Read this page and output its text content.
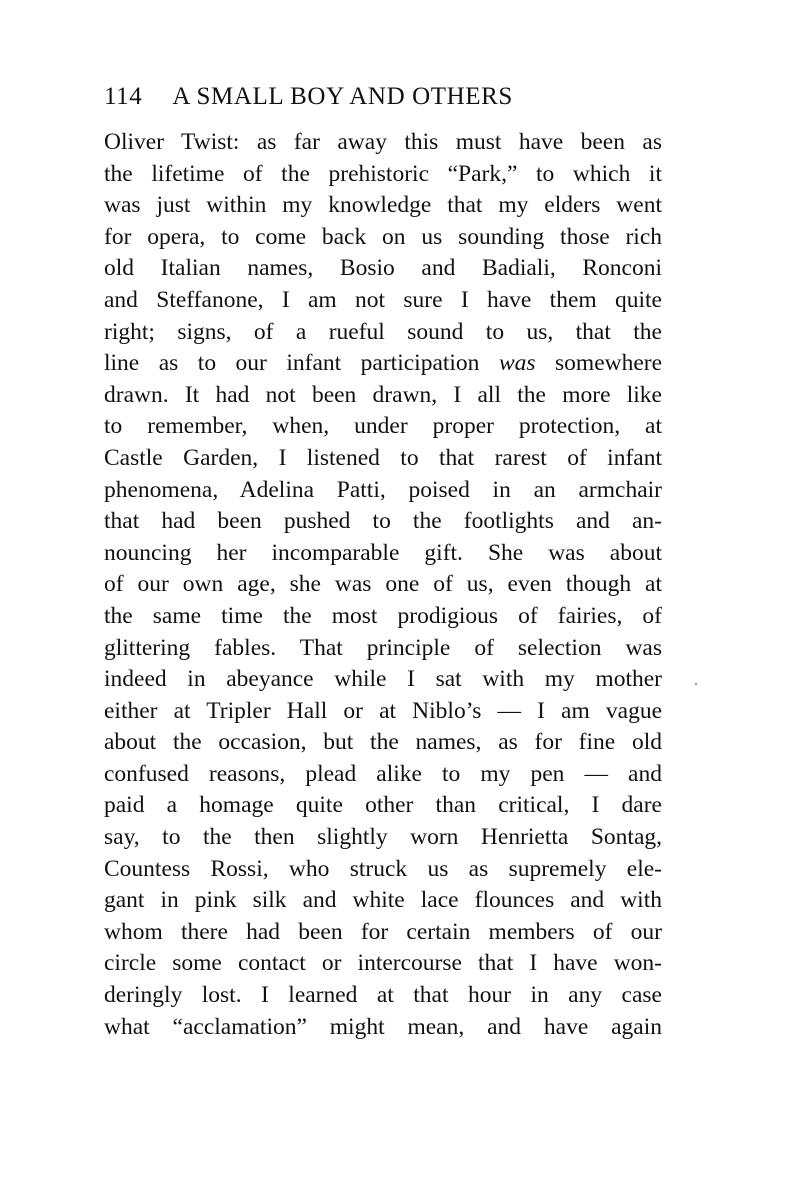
114 A SMALL BOY AND OTHERS
Oliver Twist: as far away this must have been as
the lifetime of the prehistoric “Park,” to which it
was just within my knowledge that my elders went
for opera, to come back on us sounding those rich
old Italian names, Bosio and Badiali, Ronconi
and Steffanone, I am not sure I have them quite
right; signs, of a rueful sound to us, that the
line as to our infant participation was somewhere
drawn. It had not been drawn, I all the more like
to remember, when, under proper protection, at
Castle Garden, I listened to that rarest of infant
phenomena, Adelina Patti, poised in an armchair
that had been pushed to the footlights and an-
nouncing her incomparable gift. She was about
of our own age, she was one of us, even though at
the same time the most prodigious of fairies, of
glittering fables. That principle of selection was
indeed in abeyance while I sat with my mother
either at Tripler Hall or at Niblo’s — I am vague
about the occasion, but the names, as for fine old
confused reasons, plead alike to my pen — and
paid a homage quite other than critical, I dare
say, to the then slightly worn Henrietta Sontag,
Countess Rossi, who struck us as supremely ele-
gant in pink silk and white lace flounces and with
whom there had been for certain members of our
circle some contact or intercourse that I have won-
deringly lost. I learned at that hour in any case
what “acclamation” might mean, and have again
